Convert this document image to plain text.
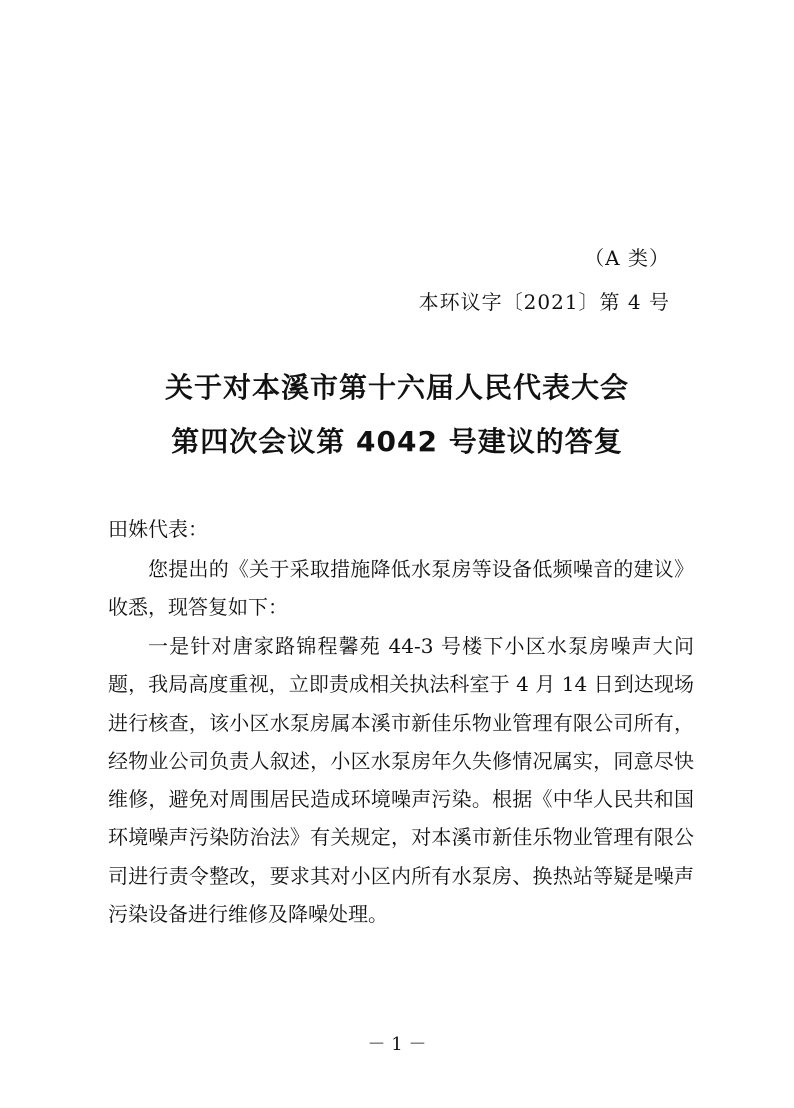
（A 类）
本环议字〔2021〕第 4 号
关于对本溪市第十六届人民代表大会
第四次会议第 4042 号建议的答复
田姝代表：

您提出的《关于采取措施降低水泵房等设备低频噪音的建议》收悉，现答复如下：

一是针对唐家路锦程馨苑 44-3 号楼下小区水泵房噪声大问题，我局高度重视，立即责成相关执法科室于 4 月 14 日到达现场进行核查，该小区水泵房属本溪市新佳乐物业管理有限公司所有，经物业公司负责人叙述，小区水泵房年久失修情况属实，同意尽快维修，避免对周围居民造成环境噪声污染。根据《中华人民共和国环境噪声污染防治法》有关规定，对本溪市新佳乐物业管理有限公司进行责令整改，要求其对小区内所有水泵房、换热站等疑是噪声污染设备进行维修及降噪处理。

－ 1 －
